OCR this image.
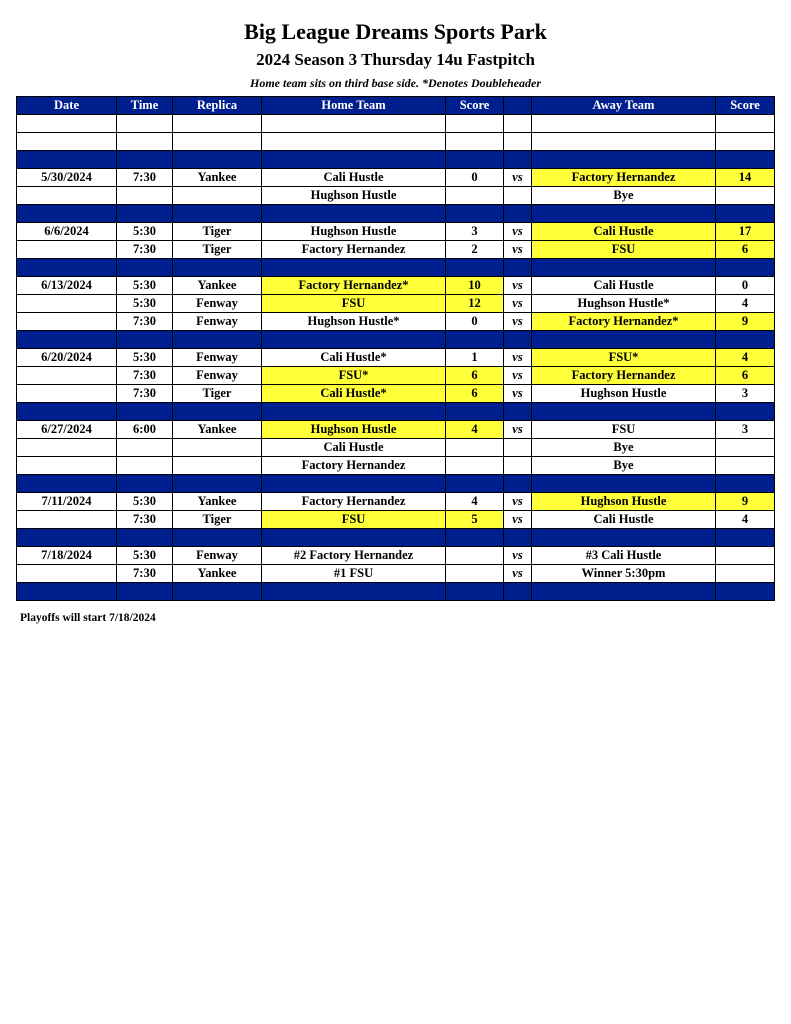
Big League Dreams Sports Park
2024 Season 3 Thursday 14u Fastpitch
Home team sits on third base side. *Denotes Doubleheader
Date	Time	Replica	Home Team	Score		Away Team	Score

5/30/2024	7:30	Yankee	Cali Hustle	0	vs	Factory Hernandez	14
			Hughson Hustle			Bye	

6/6/2024	5:30	Tiger	Hughson Hustle	3	vs	Cali Hustle	17
	7:30	Tiger	Factory Hernandez	2	vs	FSU	6

6/13/2024	5:30	Yankee	Factory Hernandez*	10	vs	Cali Hustle	0
	5:30	Fenway	FSU	12	vs	Hughson Hustle*	4
	7:30	Fenway	Hughson Hustle*	0	vs	Factory Hernandez*	9

6/20/2024	5:30	Fenway	Cali Hustle*	1	vs	FSU*	4
	7:30	Fenway	FSU*	6	vs	Factory Hernandez	6
	7:30	Tiger	Cali Hustle*	6	vs	Hughson Hustle	3

6/27/2024	6:00	Yankee	Hughson Hustle	4	vs	FSU	3
			Cali Hustle			Bye	
			Factory Hernandez			Bye	

7/11/2024	5:30	Yankee	Factory Hernandez	4	vs	Hughson Hustle	9
	7:30	Tiger	FSU	5	vs	Cali Hustle	4

7/18/2024	5:30	Fenway	#2 Factory Hernandez		vs	#3 Cali Hustle	
	7:30	Yankee	#1 FSU		vs	Winner 5:30pm	

Playoffs will start 7/18/2024
